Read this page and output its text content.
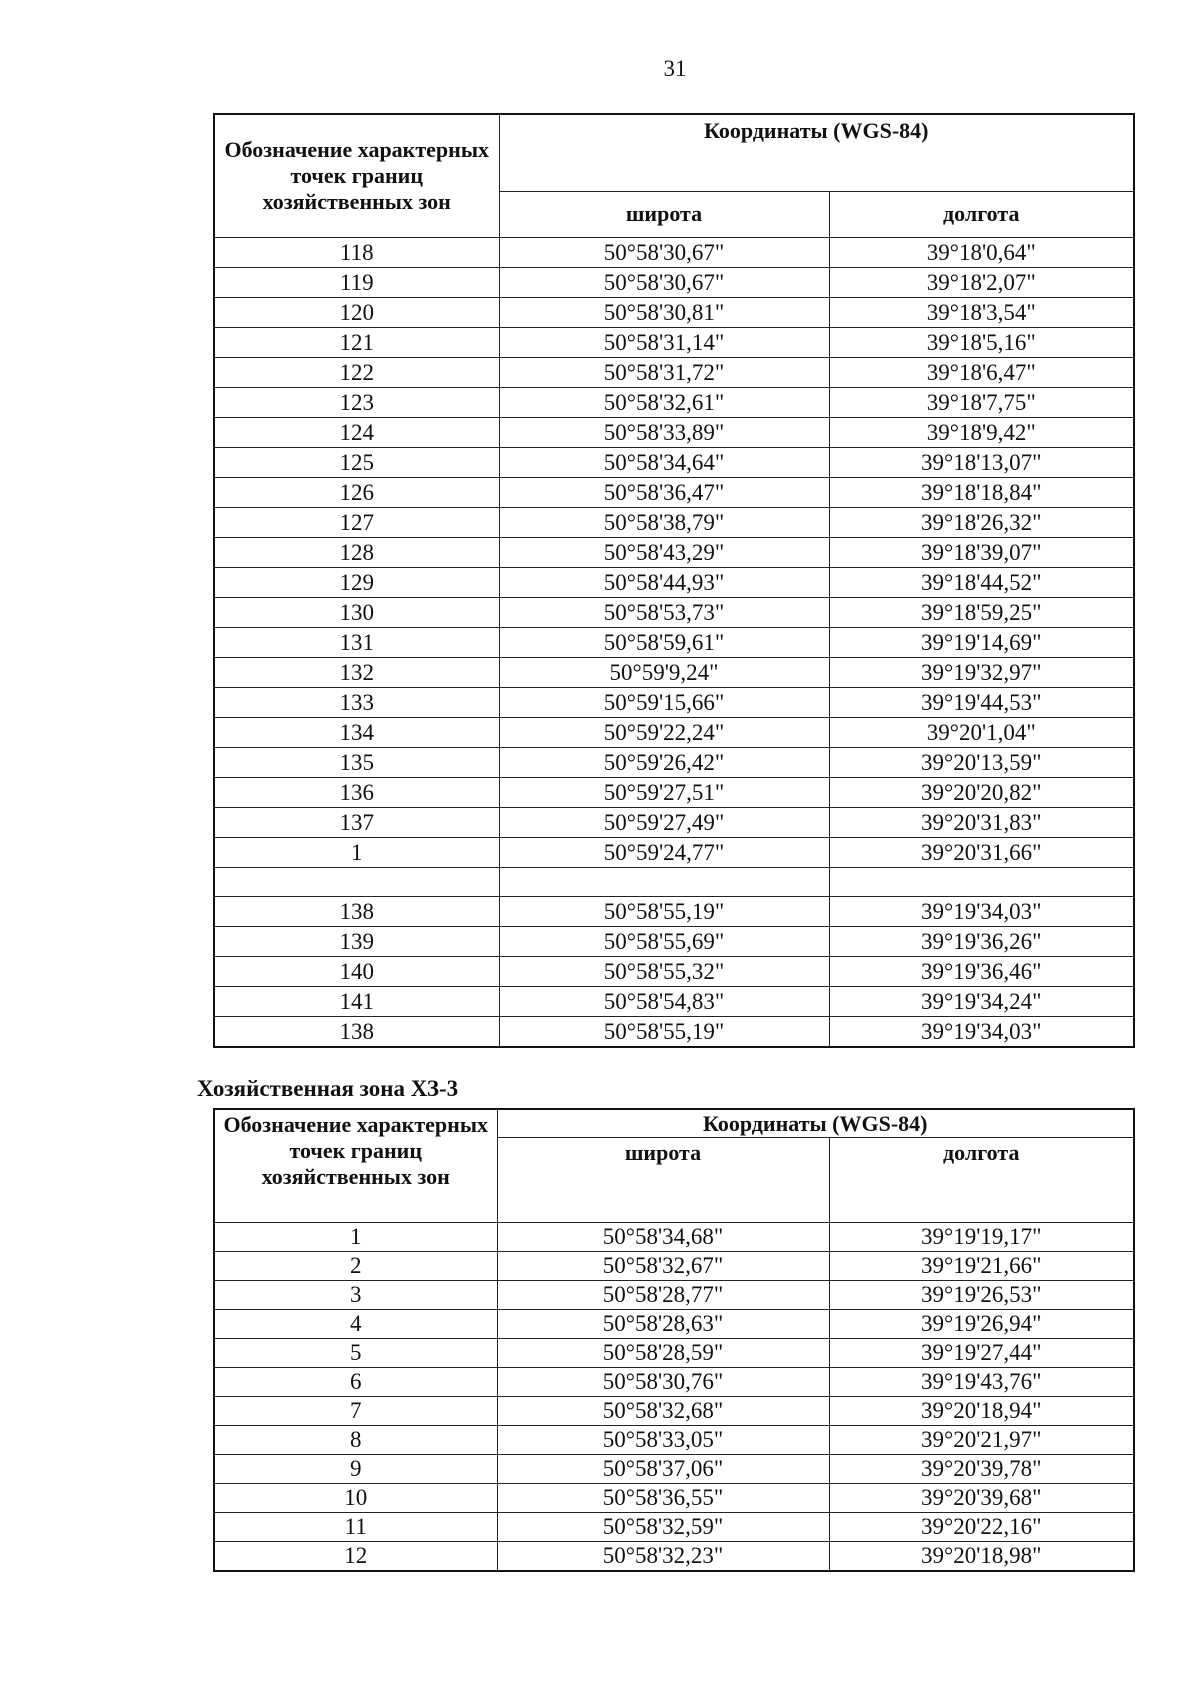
31
Обозначение характерных точек границ хозяйственных зон	Координаты (WGS-84)	
	широта	долгота
118	50°58'30,67"	39°18'0,64"
119	50°58'30,67"	39°18'2,07"
120	50°58'30,81"	39°18'3,54"
121	50°58'31,14"	39°18'5,16"
122	50°58'31,72"	39°18'6,47"
123	50°58'32,61"	39°18'7,75"
124	50°58'33,89"	39°18'9,42"
125	50°58'34,64"	39°18'13,07"
126	50°58'36,47"	39°18'18,84"
127	50°58'38,79"	39°18'26,32"
128	50°58'43,29"	39°18'39,07"
129	50°58'44,93"	39°18'44,52"
130	50°58'53,73"	39°18'59,25"
131	50°58'59,61"	39°19'14,69"
132	50°59'9,24"	39°19'32,97"
133	50°59'15,66"	39°19'44,53"
134	50°59'22,24"	39°20'1,04"
135	50°59'26,42"	39°20'13,59"
136	50°59'27,51"	39°20'20,82"
137	50°59'27,49"	39°20'31,83"
1	50°59'24,77"	39°20'31,66"

138	50°58'55,19"	39°19'34,03"
139	50°58'55,69"	39°19'36,26"
140	50°58'55,32"	39°19'36,46"
141	50°58'54,83"	39°19'34,24"
138	50°58'55,19"	39°19'34,03"
Хозяйственная зона ХЗ-3
Обозначение характерных точек границ хозяйственных зон	Координаты (WGS-84)	
	широта	долгота
1	50°58'34,68"	39°19'19,17"
2	50°58'32,67"	39°19'21,66"
3	50°58'28,77"	39°19'26,53"
4	50°58'28,63"	39°19'26,94"
5	50°58'28,59"	39°19'27,44"
6	50°58'30,76"	39°19'43,76"
7	50°58'32,68"	39°20'18,94"
8	50°58'33,05"	39°20'21,97"
9	50°58'37,06"	39°20'39,78"
10	50°58'36,55"	39°20'39,68"
11	50°58'32,59"	39°20'22,16"
12	50°58'32,23"	39°20'18,98"
